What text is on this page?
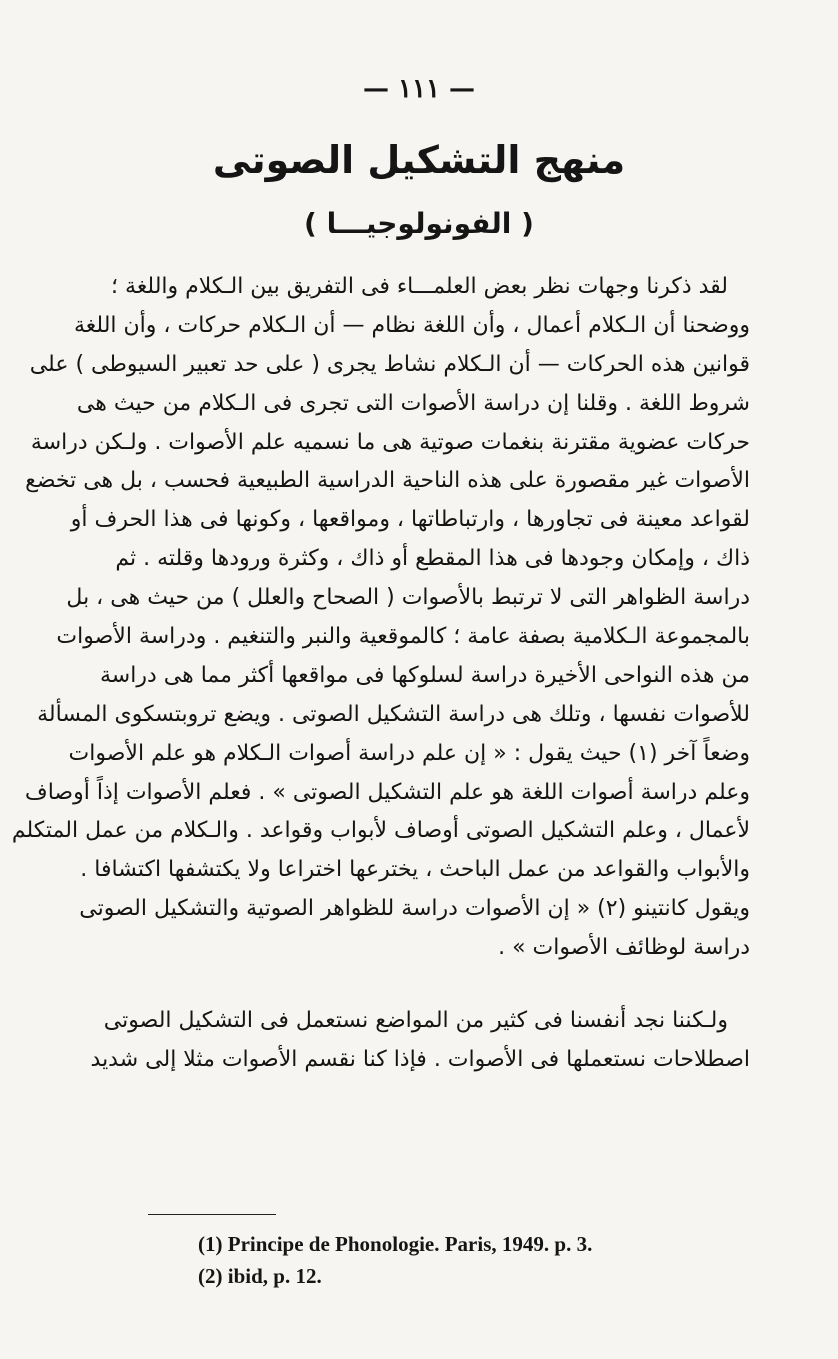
— ١١١ —
منهج التشكيل الصوتى
( الفونولوجيـــا )
لقد ذكرنا وجهات نظر بعض العلمـــاء فى التفريق بين الـكلام واللغة ؛
ووضحنا أن الـكلام أعمال ، وأن اللغة نظام — أن الـكلام حركات ، وأن اللغة
قوانين هذه الحركات — أن الـكلام نشاط يجرى ( على حد تعبير السيوطى ) على
شروط اللغة . وقلنا إن دراسة الأصوات التى تجرى فى الـكلام من حيث هى
حركات عضوية مقترنة بنغمات صوتية هى ما نسميه علم الأصوات . ولـكن دراسة
الأصوات غير مقصورة على هذه الناحية الدراسية الطبيعية فحسب ، بل هى تخضع
لقواعد معينة فى تجاورها ، وارتباطاتها ، ومواقعها ، وكونها فى هذا الحرف أو
ذاك ، وإمكان وجودها فى هذا المقطع أو ذاك ، وكثرة ورودها وقلته . ثم
دراسة الظواهر التى لا ترتبط بالأصوات ( الصحاح والعلل ) من حيث هى ، بل
بالمجموعة الـكلامية بصفة عامة ؛ كالموقعية والنبر والتنغيم . ودراسة الأصوات
من هذه النواحى الأخيرة دراسة لسلوكها فى مواقعها أكثر مما هى دراسة
للأصوات نفسها ، وتلك هى دراسة التشكيل الصوتى . ويضع تروبتسكوى المسألة
وضعاً آخر (١) حيث يقول : « إن علم دراسة أصوات الـكلام هو علم الأصوات
وعلم دراسة أصوات اللغة هو علم التشكيل الصوتى » . فعلم الأصوات إذاً أوصاف
لأعمال ، وعلم التشكيل الصوتى أوصاف لأبواب وقواعد . والـكلام من عمل المتكلم
والأبواب والقواعد من عمل الباحث ، يخترعها اختراعا ولا يكتشفها اكتشافا .
ويقول كانتينو (٢) « إن الأصوات دراسة للظواهر الصوتية والتشكيل الصوتى
دراسة لوظائف الأصوات » .
ولـكننا نجد أنفسنا فى كثير من المواضع نستعمل فى التشكيل الصوتى
اصطلاحات نستعملها فى الأصوات . فإذا كنا نقسم الأصوات مثلا إلى شديد
(1) Principe de Phonologie. Paris, 1949. p. 3.
(2) ibid, p. 12.
